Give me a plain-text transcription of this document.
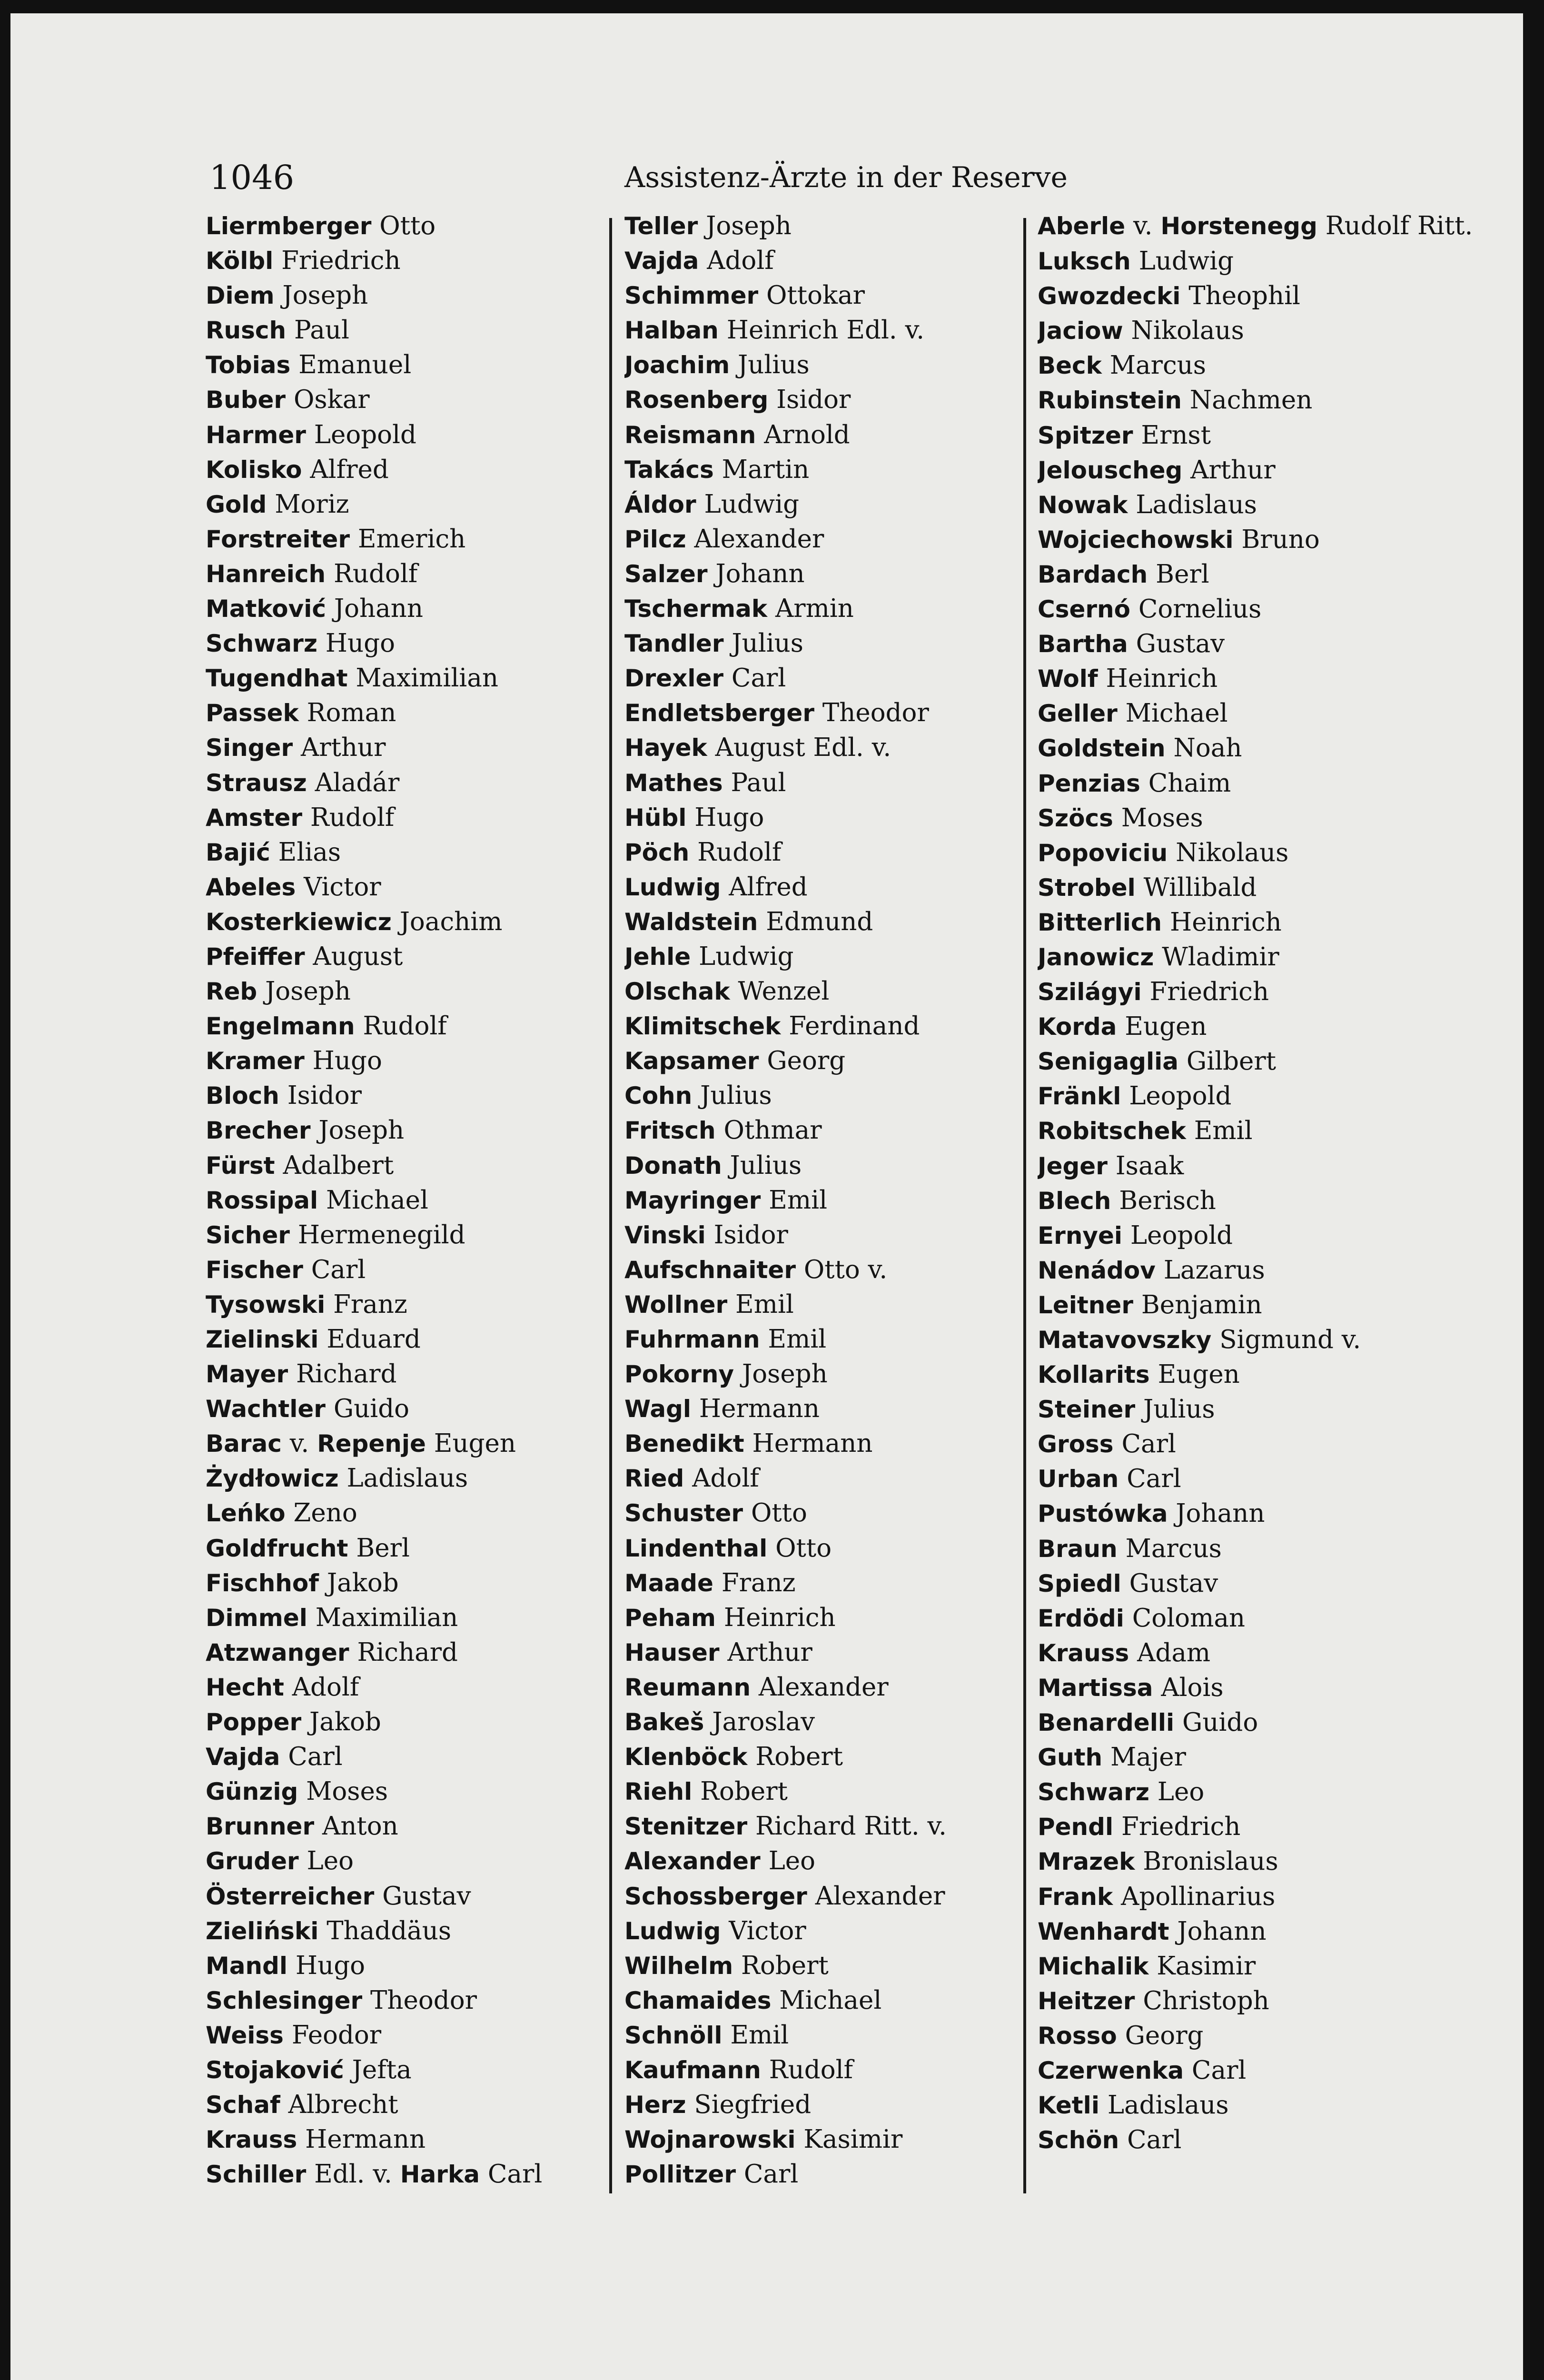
1046	Assistenz-Ärzte in der Reserve
Liermberger Otto
Kölbl Friedrich
Diem Joseph
Rusch Paul
Tobias Emanuel
Buber Oskar
Harmer Leopold
Kolisko Alfred
Gold Moriz
Forstreiter Emerich
Hanreich Rudolf
Matković Johann
Schwarz Hugo
Tugendhat Maximilian
Passek Roman
Singer Arthur
Strausz Aladár
Amster Rudolf
Bajić Elias
Abeles Victor
Kosterkiewicz Joachim
Pfeiffer August
Reb Joseph
Engelmann Rudolf
Kramer Hugo
Bloch Isidor
Brecher Joseph
Fürst Adalbert
Rossipal Michael
Sicher Hermenegild
Fischer Carl
Tysowski Franz
Zielinski Eduard
Mayer Richard
Wachtler Guido
Barac v. Repenje Eugen
Żydłowicz Ladislaus
Leńko Zeno
Goldfrucht Berl
Fischhof Jakob
Dimmel Maximilian
Atzwanger Richard
Hecht Adolf
Popper Jakob
Vajda Carl
Günzig Moses
Brunner Anton
Gruder Leo
Österreicher Gustav
Zieliński Thaddäus
Mandl Hugo
Schlesinger Theodor
Weiss Feodor
Stojaković Jefta
Schaf Albrecht
Krauss Hermann
Schiller Edl. v. Harka Carl
Teller Joseph
Vajda Adolf
Schimmer Ottokar
Halban Heinrich Edl. v.
Joachim Julius
Rosenberg Isidor
Reismann Arnold
Takács Martin
Áldor Ludwig
Pilcz Alexander
Salzer Johann
Tschermak Armin
Tandler Julius
Drexler Carl
Endletsberger Theodor
Hayek August Edl. v.
Mathes Paul
Hübl Hugo
Pöch Rudolf
Ludwig Alfred
Waldstein Edmund
Jehle Ludwig
Olschak Wenzel
Klimitschek Ferdinand
Kapsamer Georg
Cohn Julius
Fritsch Othmar
Donath Julius
Mayringer Emil
Vinski Isidor
Aufschnaiter Otto v.
Wollner Emil
Fuhrmann Emil
Pokorny Joseph
Wagl Hermann
Benedikt Hermann
Ried Adolf
Schuster Otto
Lindenthal Otto
Maade Franz
Peham Heinrich
Hauser Arthur
Reumann Alexander
Bakeš Jaroslav
Klenböck Robert
Riehl Robert
Stenitzer Richard Ritt. v.
Alexander Leo
Schossberger Alexander
Ludwig Victor
Wilhelm Robert
Chamaides Michael
Schnöll Emil
Kaufmann Rudolf
Herz Siegfried
Wojnarowski Kasimir
Pollitzer Carl
Aberle v. Horstenegg Rudolf Ritt.
Luksch Ludwig
Gwozdecki Theophil
Jaciow Nikolaus
Beck Marcus
Rubinstein Nachmen
Spitzer Ernst
Jelouscheg Arthur
Nowak Ladislaus
Wojciechowski Bruno
Bardach Berl
Csernó Cornelius
Bartha Gustav
Wolf Heinrich
Geller Michael
Goldstein Noah
Penzias Chaim
Szöcs Moses
Popoviciu Nikolaus
Strobel Willibald
Bitterlich Heinrich
Janowicz Wladimir
Szilágyi Friedrich
Korda Eugen
Senigaglia Gilbert
Fränkl Leopold
Robitschek Emil
Jeger Isaak
Blech Berisch
Ernyei Leopold
Nenádov Lazarus
Leitner Benjamin
Matavovszky Sigmund v.
Kollarits Eugen
Steiner Julius
Gross Carl
Urban Carl
Pustówka Johann
Braun Marcus
Spiedl Gustav
Erdödi Coloman
Krauss Adam
Martissa Alois
Benardelli Guido
Guth Majer
Schwarz Leo
Pendl Friedrich
Mrazek Bronislaus
Frank Apollinarius
Wenhardt Johann
Michalik Kasimir
Heitzer Christoph
Rosso Georg
Czerwenka Carl
Ketli Ladislaus
Schön Carl
